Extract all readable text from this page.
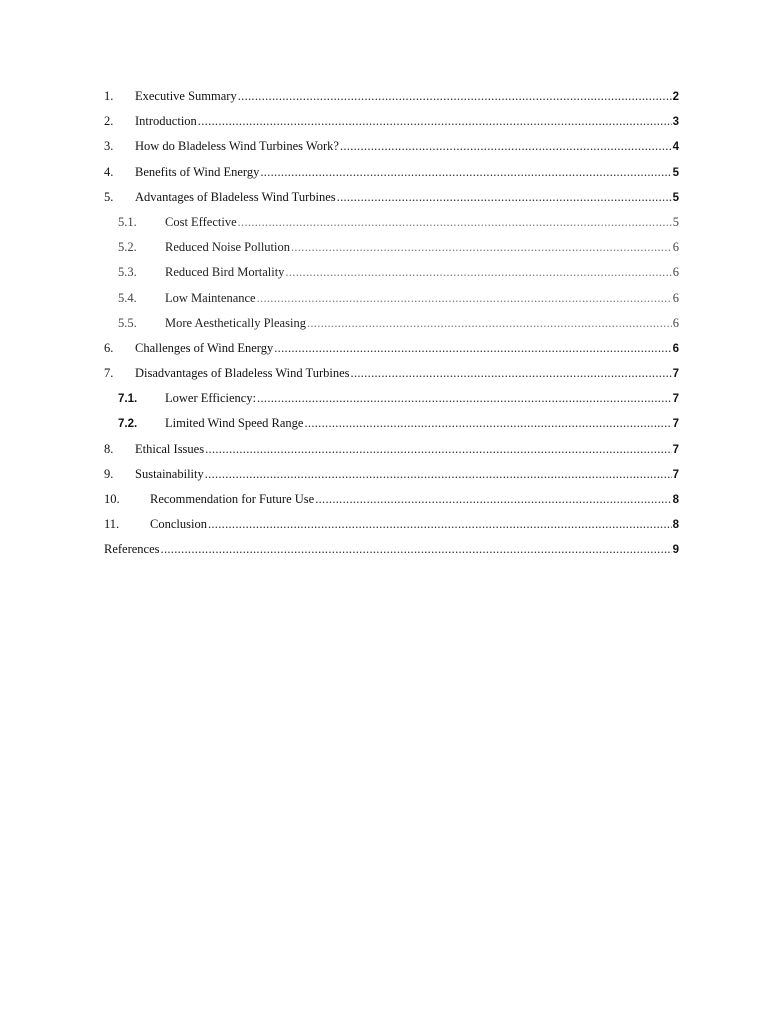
1.	Executive Summary .....	2
2.	Introduction .....	3
3.	How do Bladeless Wind Turbines Work? .....	4
4.	Benefits of Wind Energy .....	5
5.	Advantages of Bladeless Wind Turbines .....	5
5.1.	Cost Effective .....	5
5.2.	Reduced Noise Pollution .....	6
5.3.	Reduced Bird Mortality .....	6
5.4.	Low Maintenance .....	6
5.5.	More Aesthetically Pleasing .....	6
6.	Challenges of Wind Energy .....	6
7.	Disadvantages of Bladeless Wind Turbines .....	7
7.1.	Lower Efficiency: .....	7
7.2.	Limited Wind Speed Range .....	7
8.	Ethical Issues .....	7
9.	Sustainability .....	7
10.	Recommendation for Future Use .....	8
11.	Conclusion .....	8
References .....	9
